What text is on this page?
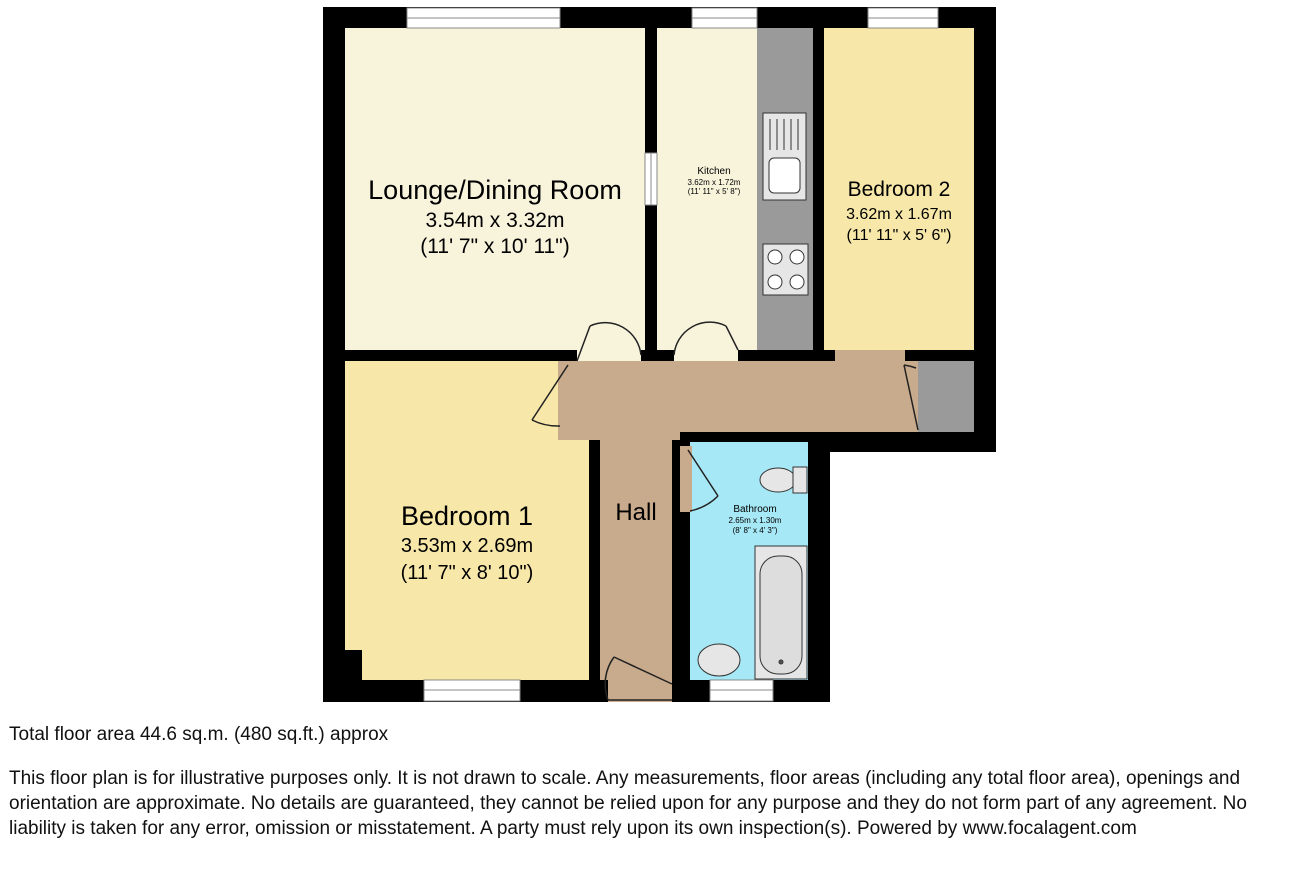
Lounge/Dining Room
3.54m x 3.32m
(11' 7" x 10' 11")
Kitchen
3.62m x 1.72m
(11' 11" x 5' 8")	Bedroom 2
3.62m x 1.67m
(11' 11" x 5' 6")
Bedroom 1
3.53m x 2.69m
(11' 7" x 8' 10")
Hall	Bathroom
2.65m x 1.30m
(8' 8" x 4' 3")
Total floor area 44.6 sq.m. (480 sq.ft.) approx
This floor plan is for illustrative purposes only. It is not drawn to scale. Any measurements, floor areas (including any total floor area), openings and orientation are approximate. No details are guaranteed, they cannot be relied upon for any purpose and they do not form part of any agreement. No liability is taken for any error, omission or misstatement. A party must rely upon its own inspection(s). Powered by www.focalagent.com
